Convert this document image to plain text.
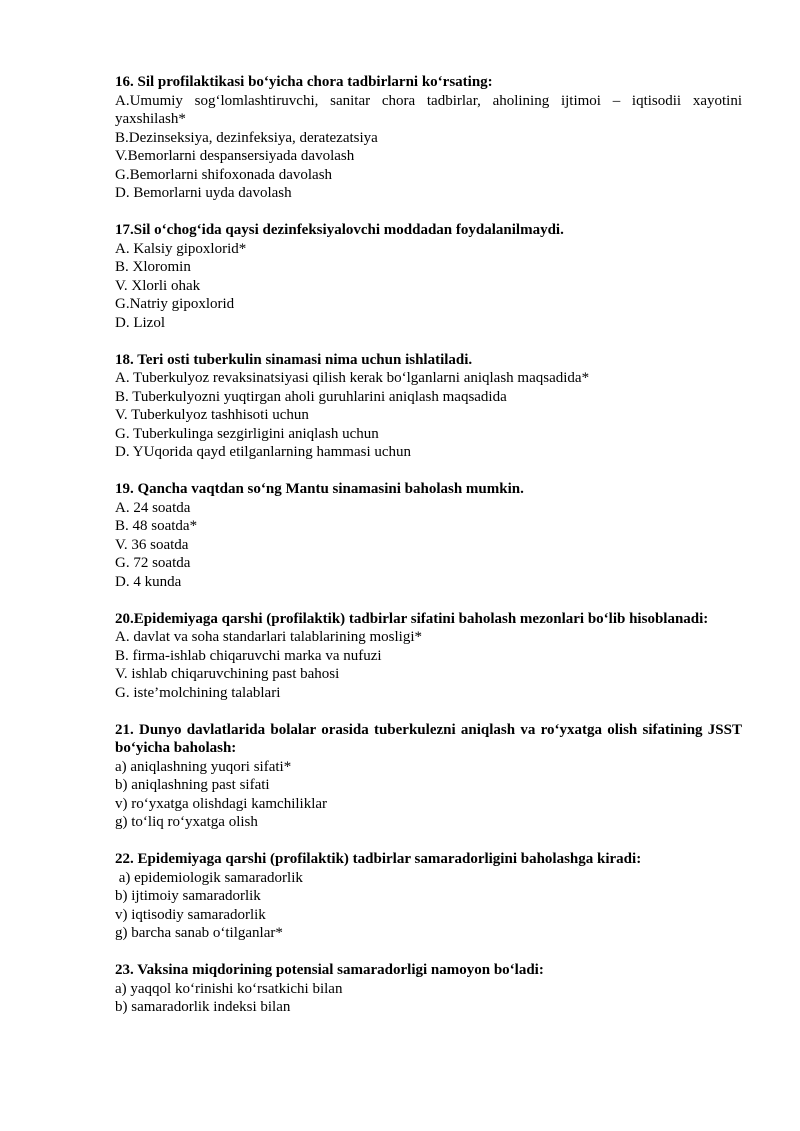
16. Sil profilaktikasi bo‘yicha chora tadbirlarni ko‘rsating:

A.Umumiy sog‘lomlashtiruvchi, sanitar chora tadbirlar, aholining ijtimoi – iqtisodii xayotini yaxshilash*

B.Dezinseksiya, dezinfeksiya, deratezatsiya

V.Bemorlarni despansersiyada davolash

G.Bemorlarni shifoxonada davolash

D. Bemorlarni uyda davolash

17.Sil o‘chog‘ida qaysi dezinfeksiyalovchi moddadan foydalanilmaydi.

A. Kalsiy gipoxlorid*

B. Xloromin

V. Xlorli ohak

G.Natriy gipoxlorid

D. Lizol

18. Teri osti tuberkulin sinamasi nima uchun ishlatiladi.

A. Tuberkulyoz revaksinatsiyasi qilish kerak bo‘lganlarni aniqlash maqsadida*

B. Tuberkulyozni yuqtirgan aholi guruhlarini aniqlash maqsadida

V. Tuberkulyoz tashhisoti uchun

G. Tuberkulinga sezgirligini aniqlash uchun

D. YUqorida qayd etilganlarning hammasi uchun

19. Qancha vaqtdan so‘ng Mantu sinamasini baholash mumkin.

A. 24 soatda

B. 48 soatda*

V. 36 soatda

G. 72 soatda

D. 4 kunda

20.Epidemiyaga qarshi (profilaktik) tadbirlar sifatini baholash mezonlari bo‘lib hisoblanadi:

A. davlat va soha standarlari talablarining mosligi*

B. firma-ishlab chiqaruvchi marka va nufuzi

V. ishlab chiqaruvchining past bahosi

G. iste’molchining talablari

21. Dunyo davlatlarida bolalar orasida tuberkulezni aniqlash va ro‘yxatga olish sifatining JSST bo‘yicha baholash:

a) aniqlashning yuqori sifati*

b) aniqlashning past sifati

v) ro‘yxatga olishdagi kamchiliklar

g) to‘liq ro‘yxatga olish

22. Epidemiyaga qarshi (profilaktik) tadbirlar samaradorligini baholashga kiradi:

a) epidemiologik samaradorlik

b) ijtimoiy samaradorlik

v) iqtisodiy samaradorlik

g) barcha sanab o‘tilganlar*

23. Vaksina miqdorining potensial samaradorligi namoyon bo‘ladi:

a) yaqqol ko‘rinishi ko‘rsatkichi bilan

b) samaradorlik indeksi bilan
